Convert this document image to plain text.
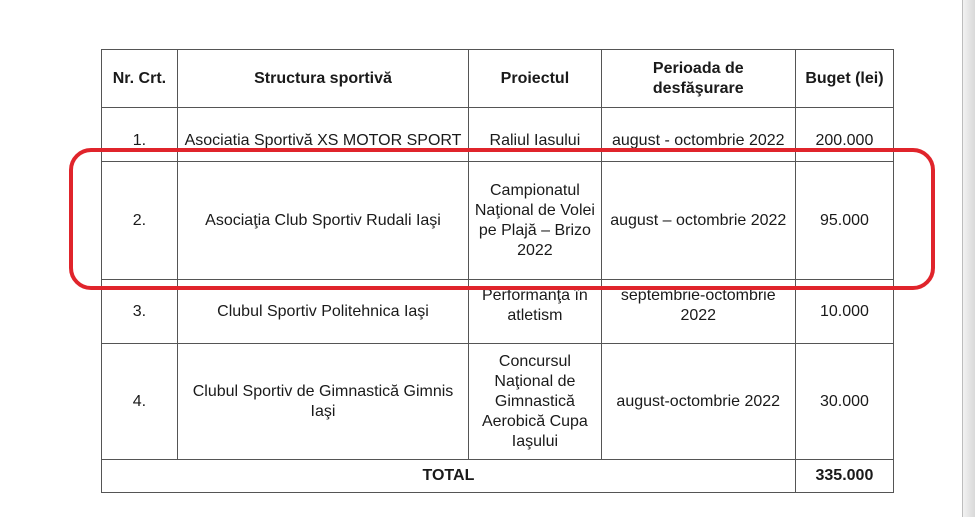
Nr. Crt.	Structura sportivă	Proiectul	Perioada de desfăşurare	Buget (lei)
1.	Asociatia Sportivă XS MOTOR SPORT	Raliul Iasului	august - octombrie 2022	200.000
2.	Asociaţia Club Sportiv Rudali Iaşi	Campionatul Naţional de Volei pe Plajă – Brizo 2022	august – octombrie 2022	95.000
3.	Clubul Sportiv Politehnica Iaşi	Performanţa în atletism	septembrie-octombrie 2022	10.000
4.	Clubul Sportiv de Gimnastică Gimnis Iaşi	Concursul Naţional de Gimnastică Aerobică Cupa Iaşului	august-octombrie 2022	30.000
TOTAL				335.000
